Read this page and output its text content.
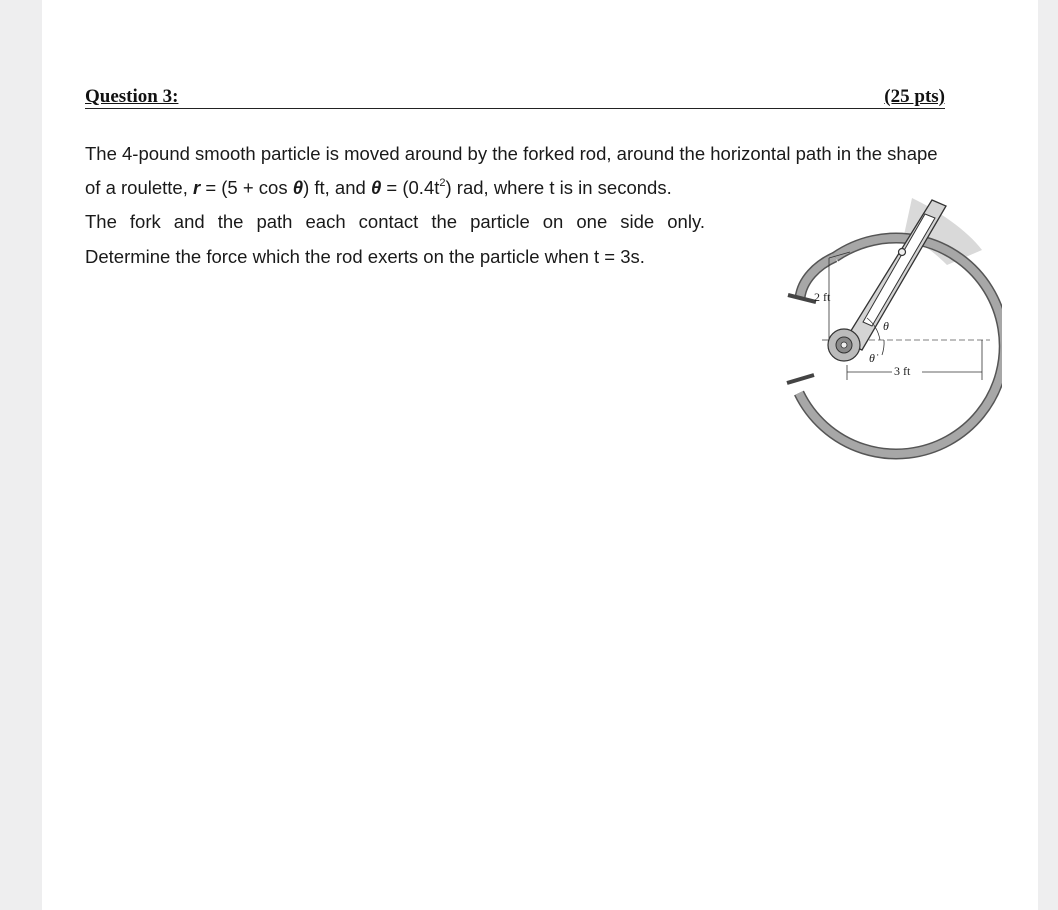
Question 3:	(25 pts)
The 4-pound smooth particle is moved around by the forked rod, around the horizontal path in the shape
of a roulette, r = (5 + cos θ) ft, and $\theta = (0.4t^2)$ rad, where t is in seconds.
The fork and the path each contact the particle on one side only.
Determine the force which the rod exerts on the particle when t = 3s.
2 ft
3 ft
θ
θ̇
